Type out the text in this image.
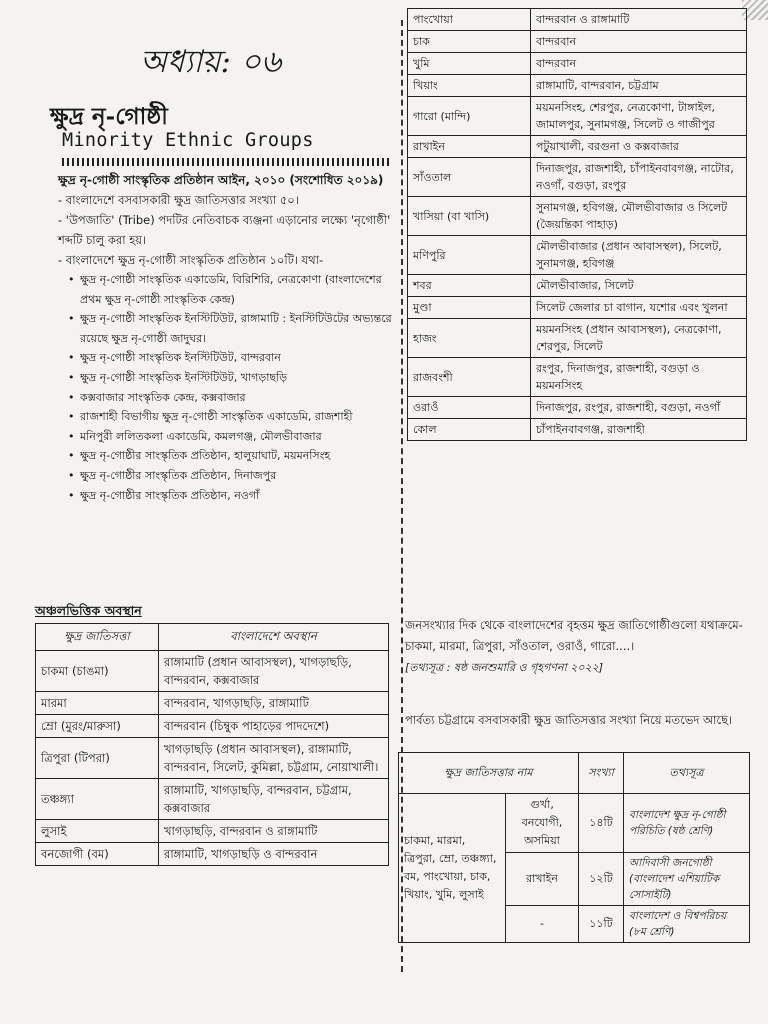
অধ্যায়: ০৬
ক্ষুদ্র নৃ-গোষ্ঠী
Minority Ethnic Groups

ক্ষুদ্র নৃ-গোষ্ঠী সাংস্কৃতিক প্রতিষ্ঠান আইন, ২০১০ (সংশোধিত ২০১৯)

- বাংলাদেশে বসবাসকারী ক্ষুদ্র জাতিসত্তার সংখ্যা ৫০।

- 'উপজাতি' (Tribe) পদটির নেতিবাচক ব্যঞ্জনা এড়ানোর লক্ষ্যে 'নৃগোষ্ঠী' শব্দটি চালু করা হয়।

- বাংলাদেশে ক্ষুদ্র নৃ-গোষ্ঠী সাংস্কৃতিক প্রতিষ্ঠান ১০টি। যথা-

• ক্ষুদ্র নৃ-গোষ্ঠী সাংস্কৃতিক একাডেমি, বিরিশিরি, নেত্রকোণা (বাংলাদেশের প্রথম ক্ষুদ্র নৃ-গোষ্ঠী সাংস্কৃতিক কেন্দ্র)
• ক্ষুদ্র নৃ-গোষ্ঠী সাংস্কৃতিক ইনস্টিটিউট, রাঙ্গামাটি : ইনস্টিটিউটের অভ্যন্তরে রয়েছে ক্ষুদ্র নৃ-গোষ্ঠী জাদুঘর।
• ক্ষুদ্র নৃ-গোষ্ঠী সাংস্কৃতিক ইনস্টিটিউট, বান্দরবান
• ক্ষুদ্র নৃ-গোষ্ঠী সাংস্কৃতিক ইনস্টিটিউট, খাগড়াছড়ি
• কক্সবাজার সাংস্কৃতিক কেন্দ্র, কক্সবাজার
• রাজশাহী বিভাগীয় ক্ষুদ্র নৃ-গোষ্ঠী সাংস্কৃতিক একাডেমি, রাজশাহী
• মনিপুরী ললিতকলা একাডেমি, কমলগঞ্জ, মৌলভীবাজার
• ক্ষুদ্র নৃ-গোষ্ঠীর সাংস্কৃতিক প্রতিষ্ঠান, হালুয়াঘাট, ময়মনসিংহ
• ক্ষুদ্র নৃ-গোষ্ঠীর সাংস্কৃতিক প্রতিষ্ঠান, দিনাজপুর
• ক্ষুদ্র নৃ-গোষ্ঠীর সাংস্কৃতিক প্রতিষ্ঠান, নওগাঁ
অঞ্চলভিত্তিক অবস্থান
ক্ষুদ্র জাতিসত্তা	বাংলাদেশে অবস্থান
চাকমা (চাঙমা)	রাঙ্গামাটি (প্রধান আবাসস্থল), খাগড়াছড়ি, বান্দরবান, কক্সবাজার
মারমা	বান্দরবান, খাগড়াছড়ি, রাঙ্গামাটি
ম্রো (মুরং/মারুসা)	বান্দরবান (চিম্বুক পাহাড়ের পাদদেশে)
ত্রিপুরা (টিপরা)	খাগড়াছড়ি (প্রধান আবাসস্থল), রাঙ্গামাটি, বান্দরবান, সিলেট, কুমিল্লা, চট্টগ্রাম, নোয়াখালী।
তঞ্চঙ্গ্যা	রাঙ্গামাটি, খাগড়াছড়ি, বান্দরবান, চট্টগ্রাম, কক্সবাজার
লুসাই	খাগড়াছড়ি, বান্দরবান ও রাঙ্গামাটি
বনজোগী (বম)	রাঙ্গামাটি, খাগড়াছড়ি ও বান্দরবান
পাংখোয়া	বান্দরবান ও রাঙ্গামাটি
চাক	বান্দরবান
খুমি	বান্দরবান
খিয়াং	রাঙ্গামাটি, বান্দরবান, চট্টগ্রাম
গারো (মান্দি)	ময়মনসিংহ, শেরপুর, নেত্রকোণা, টাঙ্গাইল, জামালপুর, সুনামগঞ্জ, সিলেট ও গাজীপুর
রাখাইন	পটুয়াখালী, বরগুনা ও কক্সবাজার
সাঁওতাল	দিনাজপুর, রাজশাহী, চাঁপাইনবাবগঞ্জ, নাটোর, নওগাঁ, বগুড়া, রংপুর
খাসিয়া (বা খাসি)	সুনামগঞ্জ, হবিগঞ্জ, মৌলভীবাজার ও সিলেট (জৈয়ন্তিকা পাহাড়)
মণিপুরি	মৌলভীবাজার (প্রধান আবাসস্থল), সিলেট, সুনামগঞ্জ, হবিগঞ্জ
শবর	মৌলভীবাজার, সিলেট
মুণ্ডা	সিলেট জেলার চা বাগান, যশোর এবং খুলনা
হাজং	ময়মনসিংহ (প্রধান আবাসস্থল), নেত্রকোণা, শেরপুর, সিলেট
রাজবংশী	রংপুর, দিনাজপুর, রাজশাহী, বগুড়া ও ময়মনসিংহ
ওরাওঁ	দিনাজপুর, রংপুর, রাজশাহী, বগুড়া, নওগাঁ
কোল	চাঁপাইনবাবগঞ্জ, রাজশাহী

জনসংখ্যার দিক থেকে বাংলাদেশের বৃহত্তম ক্ষুদ্র জাতিগোষ্ঠীগুলো যথাক্রমে- চাকমা, মারমা, ত্রিপুরা, সাঁওতাল, ওরাওঁ, গারো....।

[তথ্যসূত্র : ষষ্ঠ জনশুমারি ও গৃহগণনা ২০২২]

পার্বত্য চট্টগ্রামে বসবাসকারী ক্ষুদ্র জাতিসত্তার সংখ্যা নিয়ে মতভেদ আছে।
ক্ষুদ্র জাতিসত্তার নাম		সংখ্যা	তথ্যসূত্র
চাকমা, মারমা, ত্রিপুরা, ম্রো, তঞ্চঙ্গ্যা, বম, পাংখোয়া, চাক, খিয়াং, খুমি, লুসাই	গুর্খা, বনযোগী, অসমিয়া	১৪টি	বাংলাদেশ ক্ষুদ্র নৃ-গোষ্ঠী পরিচিতি (ষষ্ঠ শ্রেণি)
	রাখাইন	১২টি	আদিবাসী জনগোষ্ঠী (বাংলাদেশ এশিয়াটিক সোসাইটি)
	-	১১টি	বাংলাদেশ ও বিশ্বপরিচয় (৮ম শ্রেণি)
